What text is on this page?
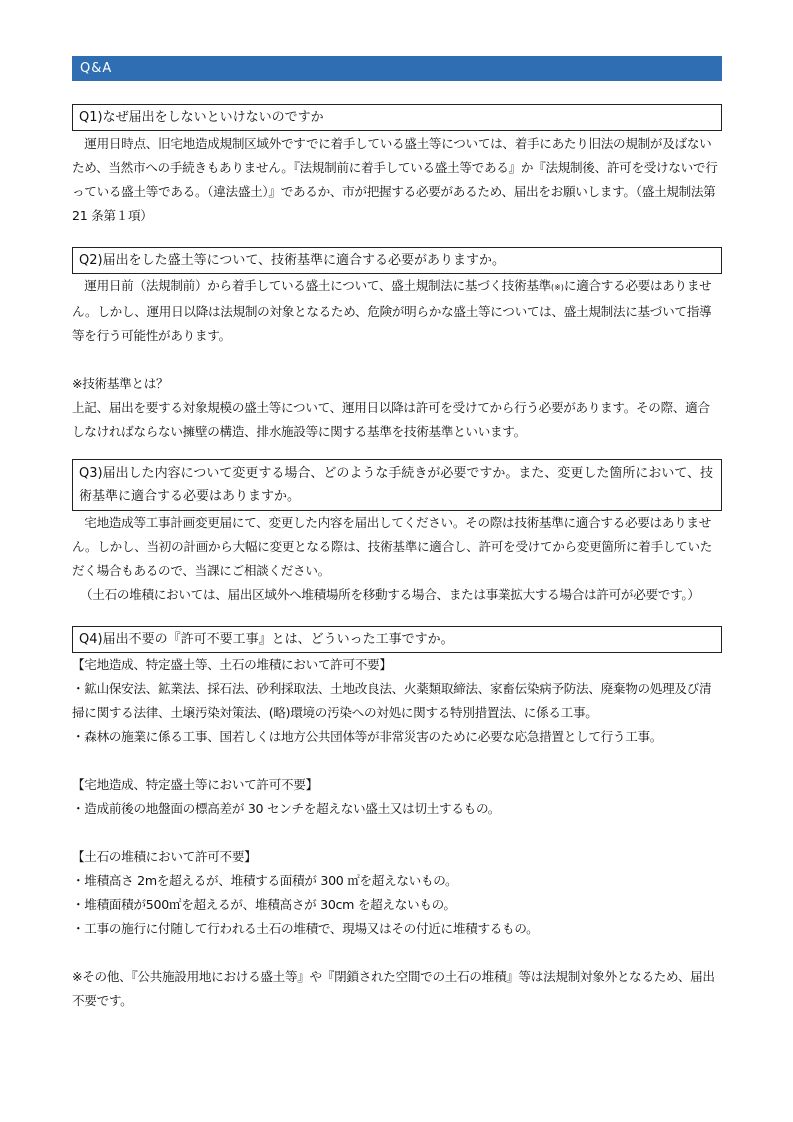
Q&A
Q1)なぜ届出をしないといけないのですか
　運用日時点、旧宅地造成規制区域外ですでに着手している盛土等については、着手にあたり旧法の規制が及ばないため、当然市への手続きもありません。『法規制前に着手している盛土等である』か『法規制後、許可を受けないで行っている盛土等である。（違法盛土）』であるか、市が把握する必要があるため、届出をお願いします。（盛土規制法第 21 条第１項）
Q2)届出をした盛土等について、技術基準に適合する必要がありますか。
　運用日前（法規制前）から着手している盛土について、盛土規制法に基づく技術基準(※)に適合する必要はありません。しかし、運用日以降は法規制の対象となるため、危険が明らかな盛土等については、盛土規制法に基づいて指導等を行う可能性があります。
※技術基準とは？
上記、届出を要する対象規模の盛土等について、運用日以降は許可を受けてから行う必要があります。その際、適合しなければならない擁壁の構造、排水施設等に関する基準を技術基準といいます。
Q3)届出した内容について変更する場合、どのような手続きが必要ですか。また、変更した箇所において、技術基準に適合する必要はありますか。
　宅地造成等工事計画変更届にて、変更した内容を届出してください。その際は技術基準に適合する必要はありません。しかし、当初の計画から大幅に変更となる際は、技術基準に適合し、許可を受けてから変更箇所に着手していただく場合もあるので、当課にご相談ください。
（土石の堆積においては、届出区域外へ堆積場所を移動する場合、または事業拡大する場合は許可が必要です。）
Q4)届出不要の『許可不要工事』とは、どういった工事ですか。
【宅地造成、特定盛土等、土石の堆積において許可不要】
・鉱山保安法、鉱業法、採石法、砂利採取法、土地改良法、火薬類取締法、家畜伝染病予防法、廃棄物の処理及び清掃に関する法律、土壌汚染対策法、(略)環境の汚染への対処に関する特別措置法、に係る工事。
・森林の施業に係る工事、国若しくは地方公共団体等が非常災害のために必要な応急措置として行う工事。
【宅地造成、特定盛土等において許可不要】
・造成前後の地盤面の標高差が 30 センチを超えない盛土又は切土するもの。
【土石の堆積において許可不要】
・堆積高さ 2mを超えるが、堆積する面積が 300 ㎡を超えないもの。
・堆積面積が500㎡を超えるが、堆積高さが 30cm を超えないもの。
・工事の施行に付随して行われる土石の堆積で、現場又はその付近に堆積するもの。
※その他、『公共施設用地における盛土等』や『閉鎖された空間での土石の堆積』等は法規制対象外となるため、届出不要です。
